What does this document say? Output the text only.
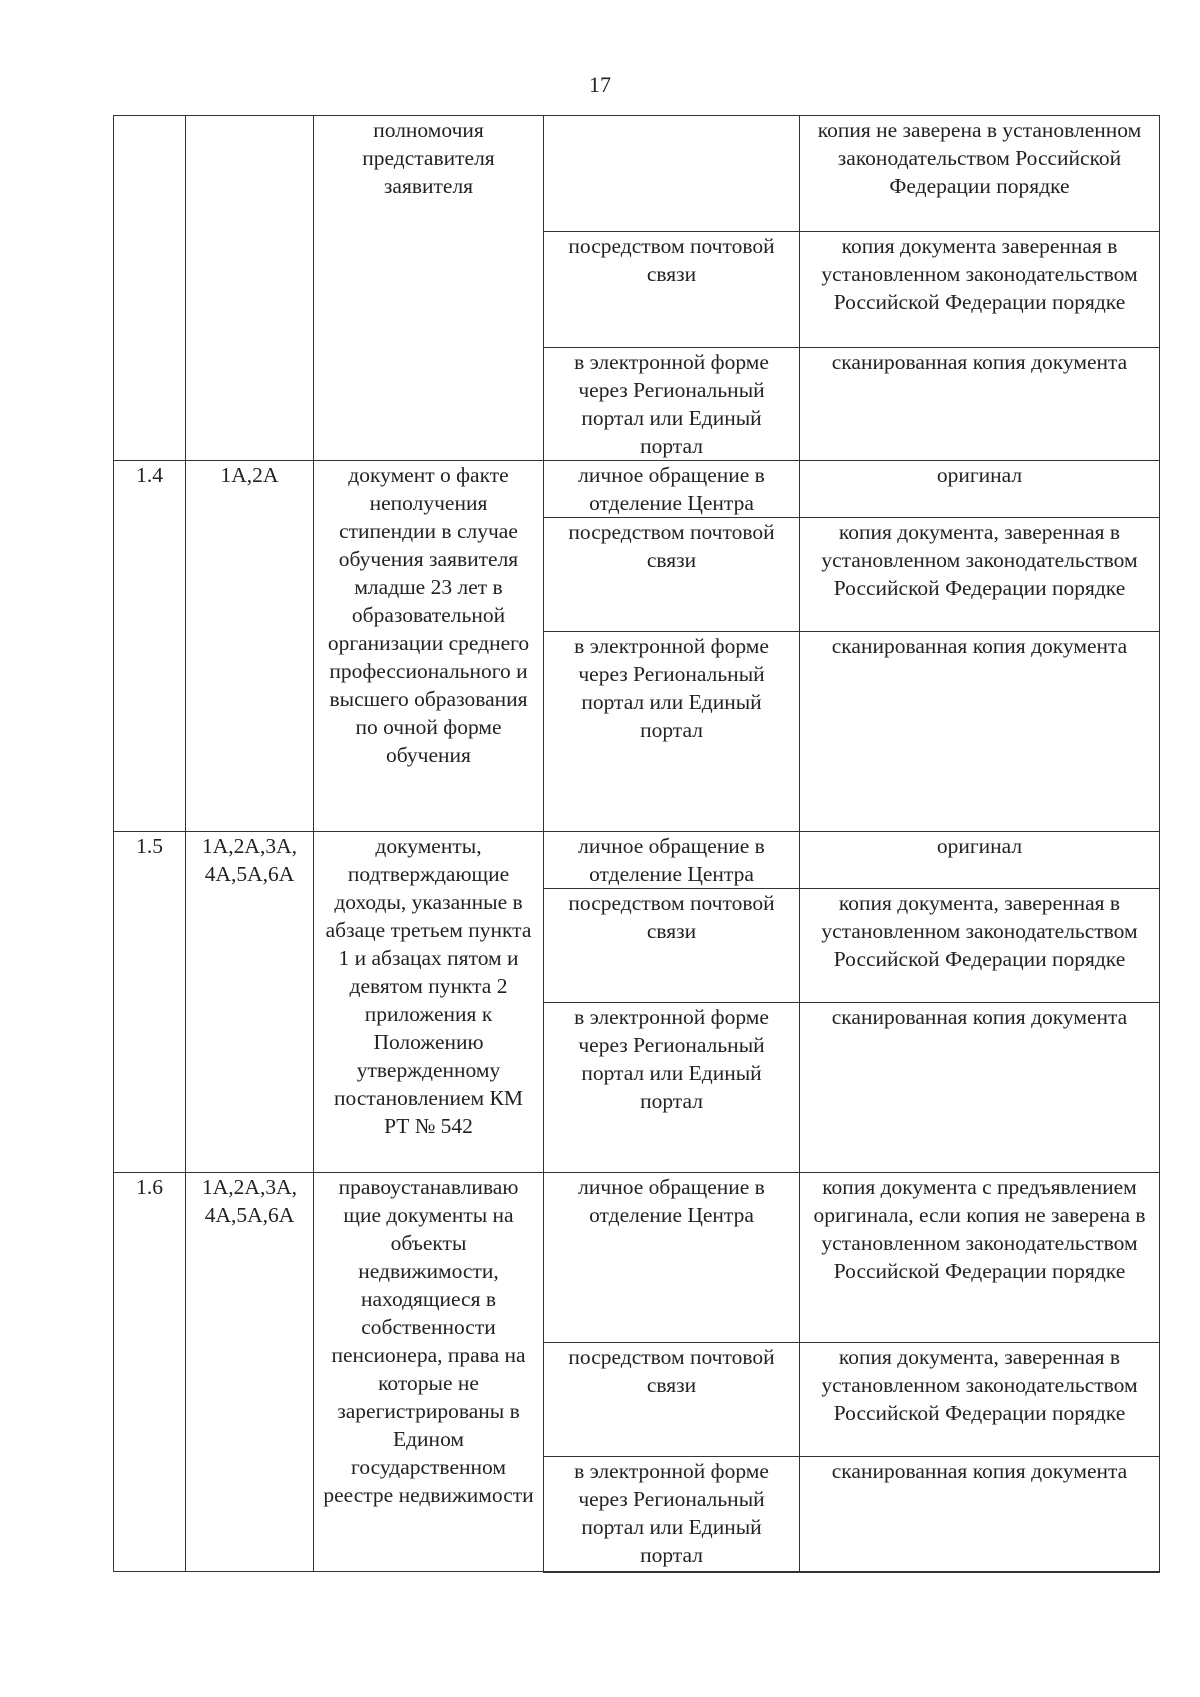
17
		полномочия представителя заявителя		копия не заверена в установленном законодательством Российской Федерации порядке
			посредством почтовой связи	копия документа заверенная в установленном законодательством Российской Федерации порядке
			в электронной форме через Региональный портал или Единый портал	сканированная копия документа
1.4	1А,2А	документ о факте неполучения стипендии в случае обучения заявителя младше 23 лет в образовательной организации среднего профессионального и высшего образования по очной форме обучения	личное обращение в отделение Центра	оригинал
			посредством почтовой связи	копия документа, заверенная в установленном законодательством Российской Федерации порядке
			в электронной форме через Региональный портал или Единый портал	сканированная копия документа
1.5	1А,2А,3А, 4А,5А,6А	документы, подтверждающие доходы, указанные в абзаце третьем пункта 1 и абзацах пятом и девятом пункта 2 приложения к Положению утвержденному постановлением КМ РТ № 542	личное обращение в отделение Центра	оригинал
			посредством почтовой связи	копия документа, заверенная в установленном законодательством Российской Федерации порядке
			в электронной форме через Региональный портал или Единый портал	сканированная копия документа
1.6	1А,2А,3А, 4А,5А,6А	правоустанавливаю щие документы на объекты недвижимости, находящиеся в собственности пенсионера, права на которые не зарегистрированы в Едином государственном реестре недвижимости	личное обращение в отделение Центра	копия документа с предъявлением оригинала, если копия не заверена в установленном законодательством Российской Федерации порядке
			посредством почтовой связи	копия документа, заверенная в установленном законодательством Российской Федерации порядке
			в электронной форме через Региональный портал или Единый портал	сканированная копия документа
